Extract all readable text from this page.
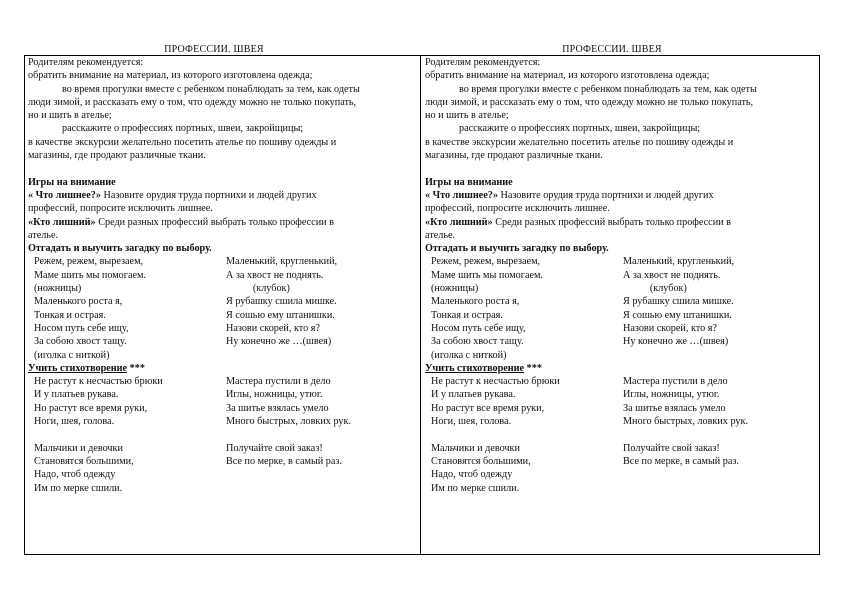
ПРОФЕССИИ. ШВЕЯ	ПРОФЕССИИ. ШВЕЯ
Родителям рекомендуется:
обратить внимание на материал, из которого изготовлена одежда;
во время прогулки вместе с ребенком понаблюдать за тем, как одеты
люди зимой, и рассказать ему о том, что одежду можно не только покупать,
но и шить в ателье;
расскажите о профессиях портных, швеи, закройщицы;
в качестве экскурсии желательно посетить ателье по пошиву одежды и
магазины, где продают различные ткани.
Игры на внимание
« Что лишнее?» Назовите орудия труда портнихи и людей других
профессий, попросите исключить лишнее.
«Кто лишний» Среди разных профессий выбрать только профессии в
ателье.
Отгадать и выучить загадку по выбору.
Режем, режем, вырезаем,	Маленький, кругленький,
Маме шить мы помогаем.	А за хвост не поднять.
(ножницы)	(клубок)
Маленького роста я,	Я рубашку сшила мишке.
Тонкая и острая.	Я сошью ему штанишки.
Носом путь себе ищу,	Назови скорей, кто я?
За собою хвост тащу.	Ну конечно же …(швея)
(иголка с ниткой)
Учить стихотворение ***
Не растут к несчастью брюки	Мастера пустили в дело
И у платьев рукава.	Иглы, ножницы, утюг.
Но растут все время руки,	За шитье взялась умело
Ноги, шея, голова.	Много быстрых, ловких рук.
Мальчики и девочки	Получайте свой заказ!
Становятся большими,	Все по мерке, в самый раз.
Надо, чтоб одежду
Им по мерке сшили.
Родителям рекомендуется:
обратить внимание на материал, из которого изготовлена одежда;
во время прогулки вместе с ребенком понаблюдать за тем, как одеты
люди зимой, и рассказать ему о том, что одежду можно не только покупать,
но и шить в ателье;
расскажите о профессиях портных, швеи, закройщицы;
в качестве экскурсии желательно посетить ателье по пошиву одежды и
магазины, где продают различные ткани.
Игры на внимание
« Что лишнее?» Назовите орудия труда портнихи и людей других
профессий, попросите исключить лишнее.
«Кто лишний» Среди разных профессий выбрать только профессии в
ателье.
Отгадать и выучить загадку по выбору.
Режем, режем, вырезаем,	Маленький, кругленький,
Маме шить мы помогаем.	А за хвост не поднять.
(ножницы)	(клубок)
Маленького роста я,	Я рубашку сшила мишке.
Тонкая и острая.	Я сошью ему штанишки.
Носом путь себе ищу,	Назови скорей, кто я?
За собою хвост тащу.	Ну конечно же …(швея)
(иголка с ниткой)
Учить стихотворение ***
Не растут к несчастью брюки	Мастера пустили в дело
И у платьев рукава.	Иглы, ножницы, утюг.
Но растут все время руки,	За шитье взялась умело
Ноги, шея, голова.	Много быстрых, ловких рук.
Мальчики и девочки	Получайте свой заказ!
Становятся большими,	Все по мерке, в самый раз.
Надо, чтоб одежду
Им по мерке сшили.
